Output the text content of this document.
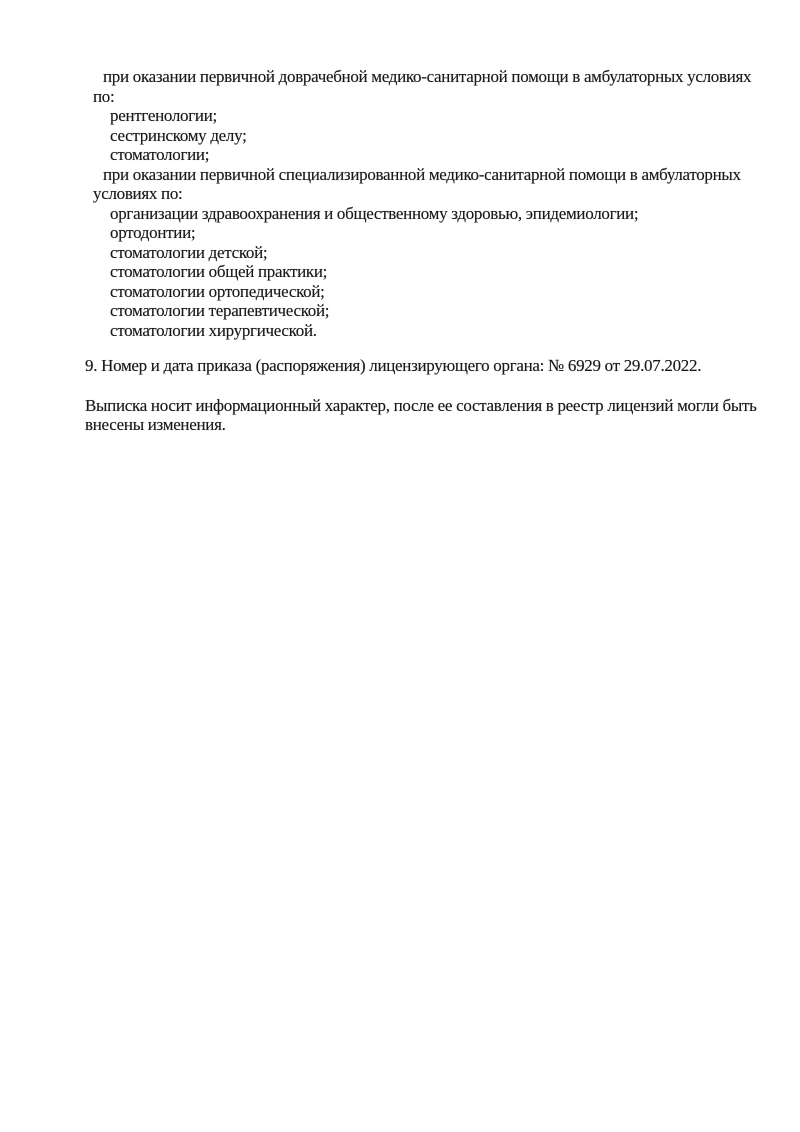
при оказании первичной доврачебной медико-санитарной помощи в амбулаторных условиях
по:
рентгенологии;
сестринскому делу;
стоматологии;
при оказании первичной специализированной медико-санитарной помощи в амбулаторных
условиях по:
организации здравоохранения и общественному здоровью, эпидемиологии;
ортодонтии;
стоматологии детской;
стоматологии общей практики;
стоматологии ортопедической;
стоматологии терапевтической;
стоматологии хирургической.
9. Номер и дата приказа (распоряжения) лицензирующего органа: № 6929 от 29.07.2022.
Выписка носит информационный характер, после ее составления в реестр лицензий могли быть
внесены изменения.
